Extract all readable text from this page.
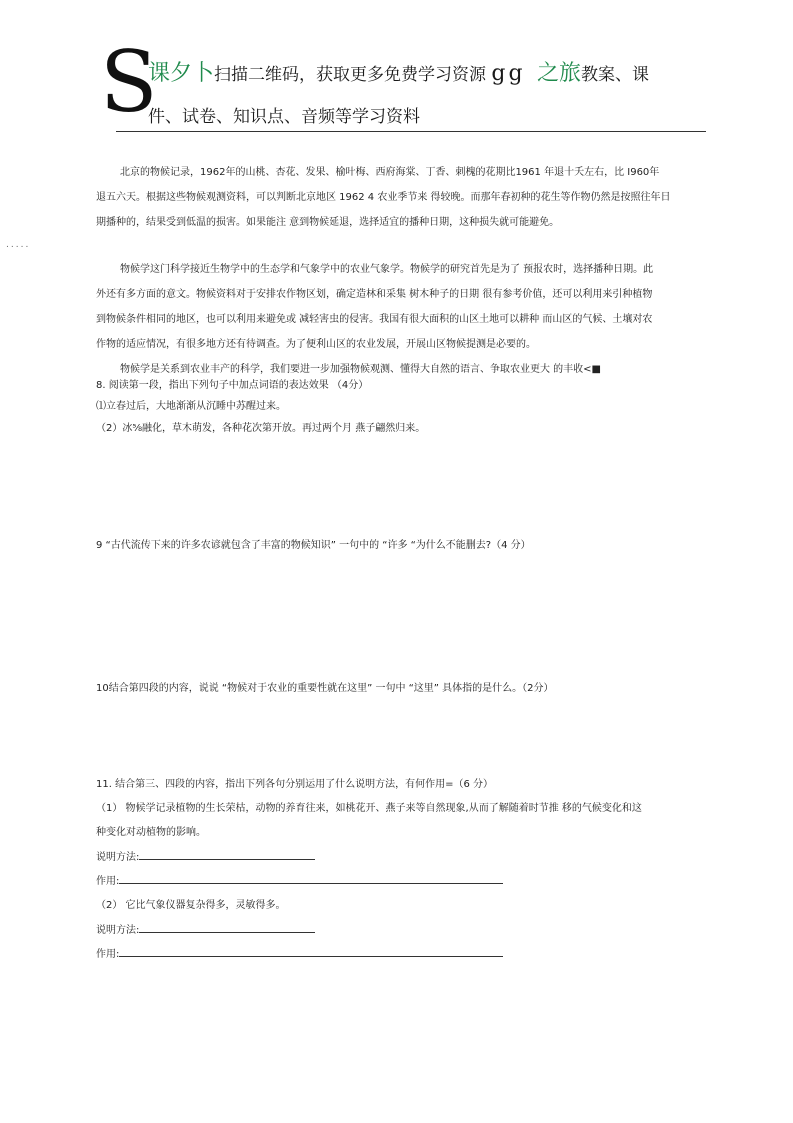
S
课夕卜扫描二维码，获取更多免费学习资源 gg 之旅教案、课
件、试卷、知识点、音频等学习资料
.....

北京的物候记录，1962年的山桃、杏花、发果、榆叶梅、西府海棠、丁香、刺槐的花期比1961 年退十夭左右，比 I960年

退五六天。根据这些物候观测资料，可以判断北京地区 1962 4 农业季节来 得较晚。而那年春初种的花生等作物仍然是按照往年日

期播种的，结果受到低温的损害。如果能注 意到物候延退，选择适宜的播种日期，这种损失就可能避免。

物候学这门科学接近生物学中的生态学和气象学中的农业气象学。物候学的研究首先是为了 预报农时，选择播种日期。此

外还有多方面的意文。物候资料对于安排农作物区划，确定造林和采集 树木种子的日期 很有参考价值，还可以利用来引种植物

到物候条件相同的地区，也可以利用来避免或 减轻害虫的侵害。我国有很大面积的山区土地可以耕种 而山区的气候、土壤对农

作物的适应情况，有很多地方还有待调查。为了便利山区的农业发展，开展山区物候提测是必要的。

物候学是关系到农业丰产的科学，我们要进一步加强物候观测、懂得大自然的语言、争取农业更大 的丰收<■

8. 阅读第一段，指出下列句子中加点词语的表达效果 （4分）
⑴立春过后，大地渐渐从沉睡中苏醒过来。
（2）冰⅝融化，草木萌发，各种花次第开放。再过两个月 燕子翩然归来。
9 “古代流传下来的许多农谚就包含了丰富的物候知识” 一句中的 “许多 “为什么不能删去?（4 分）
10结合第四段的内容，说说 “物候对于农业的重要性就在这里” 一句中 “这里” 具体指的是什么。（2分）
11. 结合第三、四段的内容，指出下列各句分别运用了什么说明方法，有何作用=（6 分）
（1） 物候学记录植物的生长荣枯，动物的养育往来，如桃花开、燕子来等自然现象,从而了解随着时节推 移的气候变化和这
种变化对动植物的影响。
说明方法:
作用:
（2） 它比气象仪器复杂得多，灵敏得多。
说明方法:
作用:
